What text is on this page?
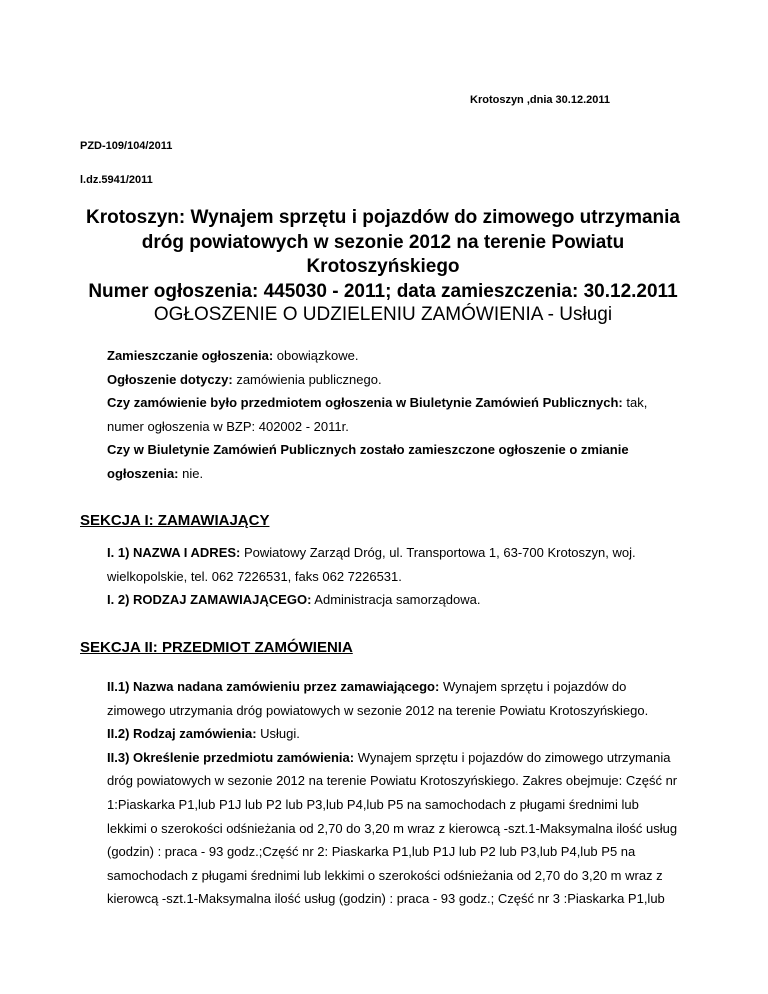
Krotoszyn ,dnia 30.12.2011
PZD-109/104/2011
l.dz.5941/2011
Krotoszyn: Wynajem sprzętu i pojazdów do zimowego utrzymania
dróg powiatowych w sezonie 2012 na terenie Powiatu
Krotoszyńskiego
Numer ogłoszenia: 445030 - 2011; data zamieszczenia: 30.12.2011
OGŁOSZENIE O UDZIELENIU ZAMÓWIENIA - Usługi
Zamieszczanie ogłoszenia: obowiązkowe.
Ogłoszenie dotyczy: zamówienia publicznego.
Czy zamówienie było przedmiotem ogłoszenia w Biuletynie Zamówień Publicznych: tak,
numer ogłoszenia w BZP: 402002 - 2011r.
Czy w Biuletynie Zamówień Publicznych zostało zamieszczone ogłoszenie o zmianie
ogłoszenia: nie.
SEKCJA I: ZAMAWIAJĄCY
I. 1) NAZWA I ADRES: Powiatowy Zarząd Dróg, ul. Transportowa 1, 63-700 Krotoszyn, woj.
wielkopolskie, tel. 062 7226531, faks 062 7226531.
I. 2) RODZAJ ZAMAWIAJĄCEGO: Administracja samorządowa.
SEKCJA II: PRZEDMIOT ZAMÓWIENIA
II.1) Nazwa nadana zamówieniu przez zamawiającego: Wynajem sprzętu i pojazdów do
zimowego utrzymania dróg powiatowych w sezonie 2012 na terenie Powiatu Krotoszyńskiego.
II.2) Rodzaj zamówienia: Usługi.
II.3) Określenie przedmiotu zamówienia: Wynajem sprzętu i pojazdów do zimowego utrzymania
dróg powiatowych w sezonie 2012 na terenie Powiatu Krotoszyńskiego. Zakres obejmuje: Część nr
1:Piaskarka P1,lub P1J lub P2 lub P3,lub P4,lub P5 na samochodach z pługami średnimi lub
lekkimi o szerokości odśnieżania od 2,70 do 3,20 m wraz z kierowcą -szt.1-Maksymalna ilość usług
(godzin) : praca - 93 godz.;Część nr 2: Piaskarka P1,lub P1J lub P2 lub P3,lub P4,lub P5 na
samochodach z pługami średnimi lub lekkimi o szerokości odśnieżania od 2,70 do 3,20 m wraz z
kierowcą -szt.1-Maksymalna ilość usług (godzin) : praca - 93 godz.; Część nr 3 :Piaskarka P1,lub
